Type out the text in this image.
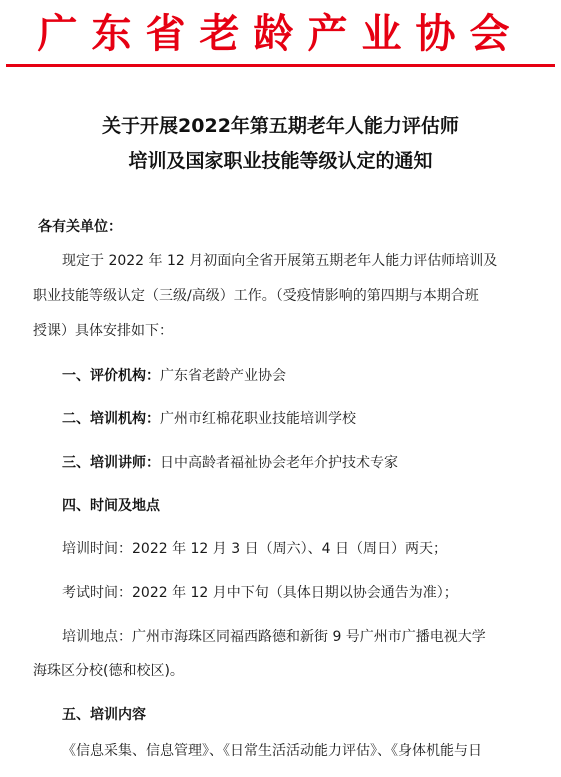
广东省老龄产业协会
关于开展2022年第五期老年人能力评估师
培训及国家职业技能等级认定的通知
各有关单位：
现定于 2022 年 12 月初面向全省开展第五期老年人能力评估师培训及
职业技能等级认定（三级/高级）工作。（受疫情影响的第四期与本期合班
授课）具体安排如下：
一、评价机构：广东省老龄产业协会
二、培训机构：广州市红棉花职业技能培训学校
三、培训讲师：日中高龄者福祉协会老年介护技术专家
四、时间及地点
培训时间：2022 年 12 月 3 日（周六）、4 日（周日）两天；
考试时间：2022 年 12 月中下旬（具体日期以协会通告为准）；
培训地点：广州市海珠区同福西路德和新街 9 号广州市广播电视大学
海珠区分校(德和校区)。
五、培训内容
《信息采集、信息管理》、《日常生活活动能力评估》、《身体机能与日
